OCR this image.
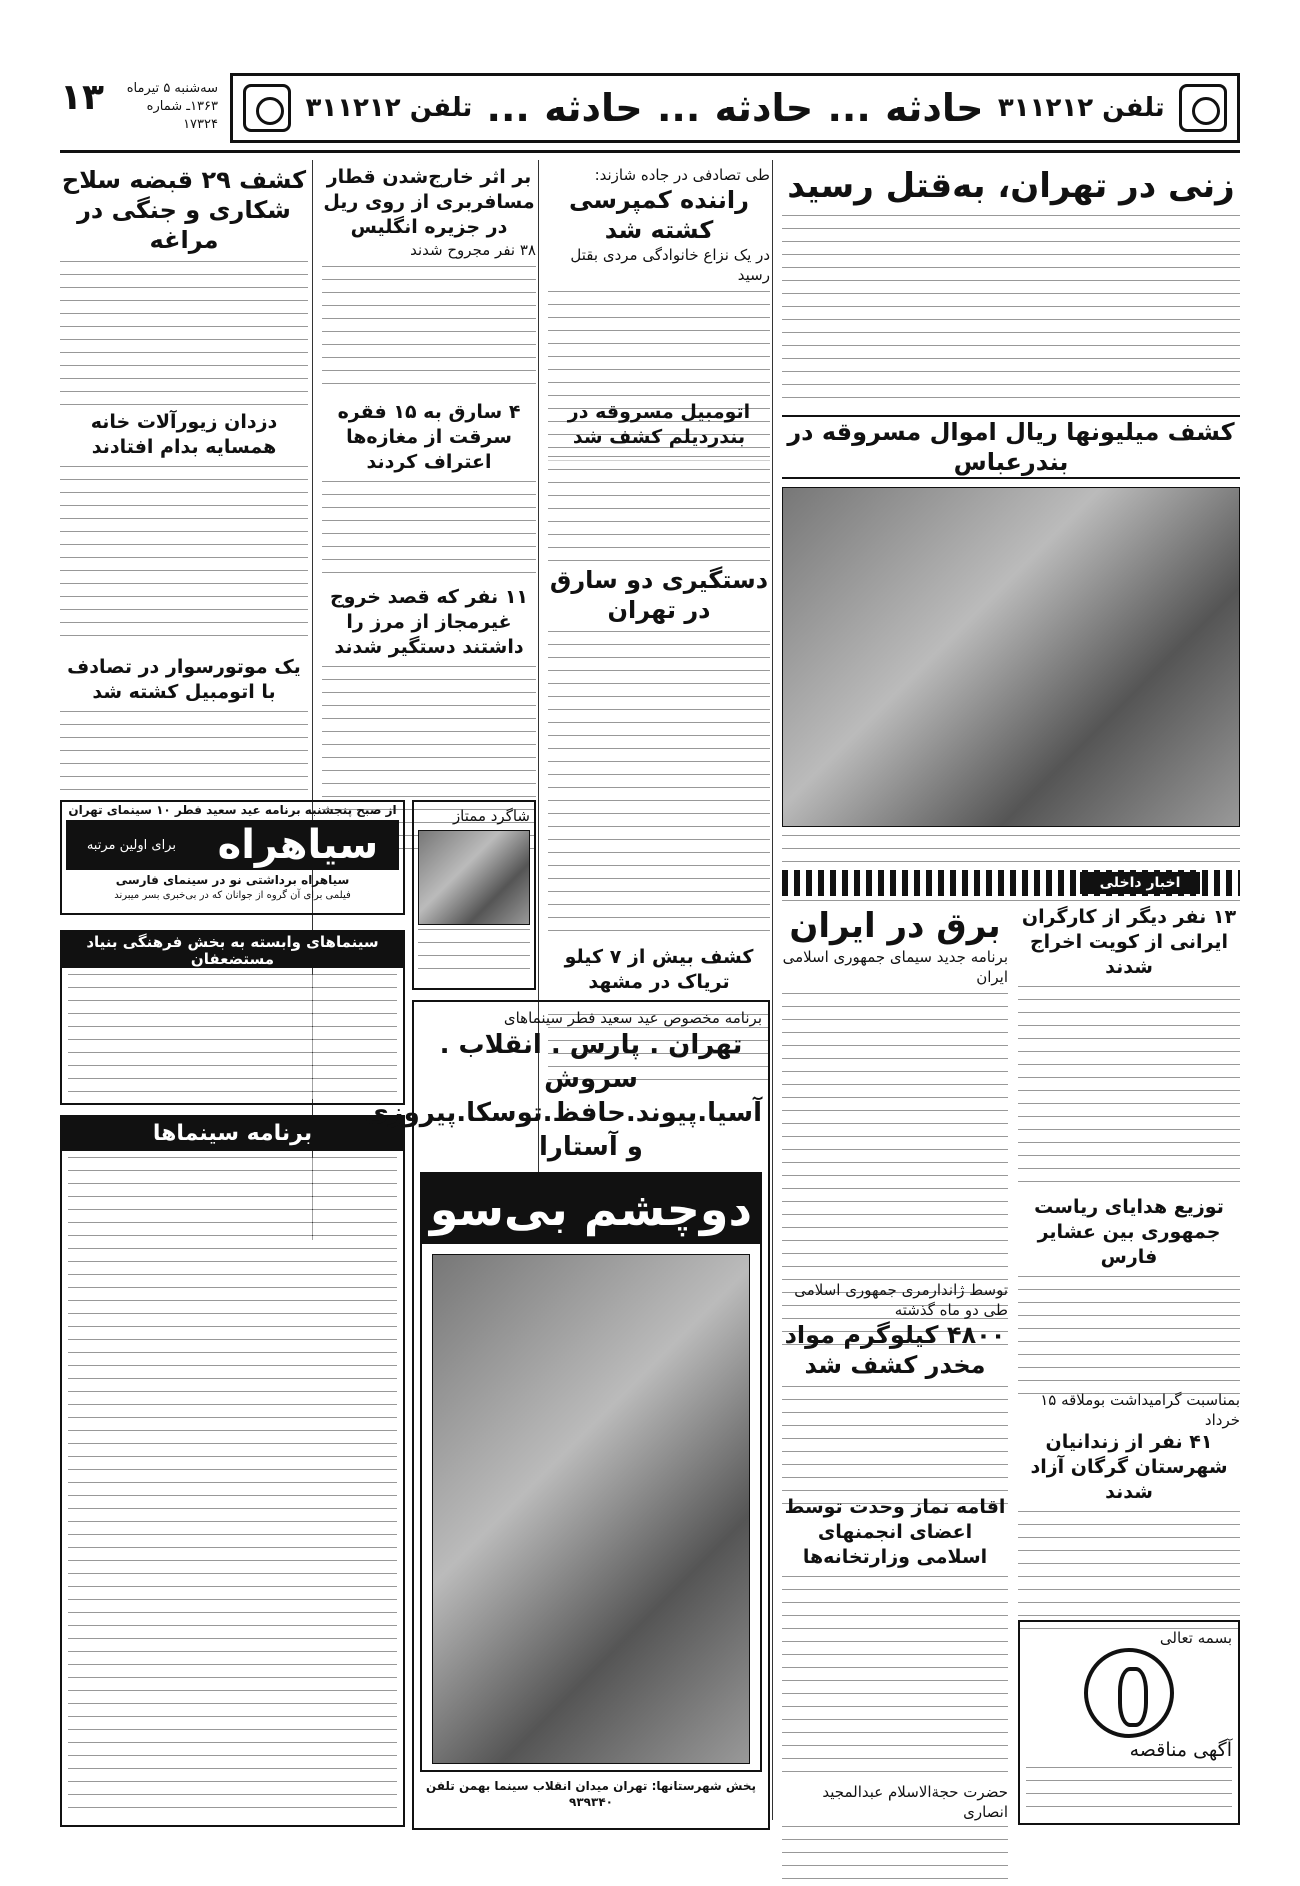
۱۳	سه‌شنبه ۵ تیرماه
۱۳۶۳ـ شماره ۱۷۳۲۴
تلفن ۳۱۱۲۱۲
حادثه
...
حادثه
...
حادثه
...
تلفن ۳۱۱۲۱۲
زنی در تهران، به‌قتل رسید
کشف میلیونها ریال اموال مسروقه در بندرعباس
اخبار داخلی
برق در ایران
برنامه جدید سیمای جمهوری اسلامی ایران
۱۳ نفر دیگر از کارگران ایرانی از کویت اخراج شدند
توزیع هدایای ریاست جمهوری بین عشایر فارس
بمناسبت گرامیداشت بوملاقه ۱۵ خرداد
۴۱ نفر از زندانیان شهرستان گرگان آزاد شدند
بسمه تعالی
آگهی مناقصه
توسط ژاندارمری جمهوری اسلامی طی دو ماه گذشته
۴۸۰۰ کیلوگرم مواد مخدر کشف شد
اقامه نماز وحدت توسط اعضای انجمنهای اسلامی وزارتخانه‌ها
حضرت حجةالاسلام عبدالمجید انصاری
طی تصادفی در جاده شازند:
راننده کمپرسی کشته شد
در یک نزاع خانوادگی مردی بقتل رسید
اتومبیل مسروقه در بندردیلم کشف شد
دستگیری دو سارق در تهران
کشف بیش از ۷ کیلو تریاک در مشهد
بر اثر خارج‌شدن قطار مسافربری از روی ریل در جزیره انگلیس
۳۸ نفر مجروح شدند
۴ سارق به ۱۵ فقره سرقت از مغازه‌ها اعتراف کردند
۱۱ نفر که قصد خروج غیرمجاز از مرز را داشتند دستگیر شدند
کشف ۲۹ قبضه سلاح شکاری و جنگی در مراغه
دزدان زیورآلات خانه همسایه بدام افتادند
یک موتورسوار در تصادف با اتومبیل کشته شد
از صبح پنجشنبه برنامه عید سعید فطر ۱۰ سینمای تهران
سیاهراه
برای اولین مرتبه
سیاهراه برداشتی نو در سینمای فارسی
فیلمی برای آن گروه از جوانان که در بی‌خبری بسر میبرند
شاگرد ممتاز
سینماهای وابسته به بخش فرهنگی بنیاد مستضعفان
برنامه سینماها
برنامه مخصوص عید سعید فطر سینماهای
تهران . پارس . انقلاب . سروش
آسیا.پیوند.حافظ.توسکا.پیروزی
و آستارا
دوچشم بی‌سو
پخش شهرستانها: تهران میدان انقلاب سینما بهمن تلفن ۹۳۹۳۴۰
